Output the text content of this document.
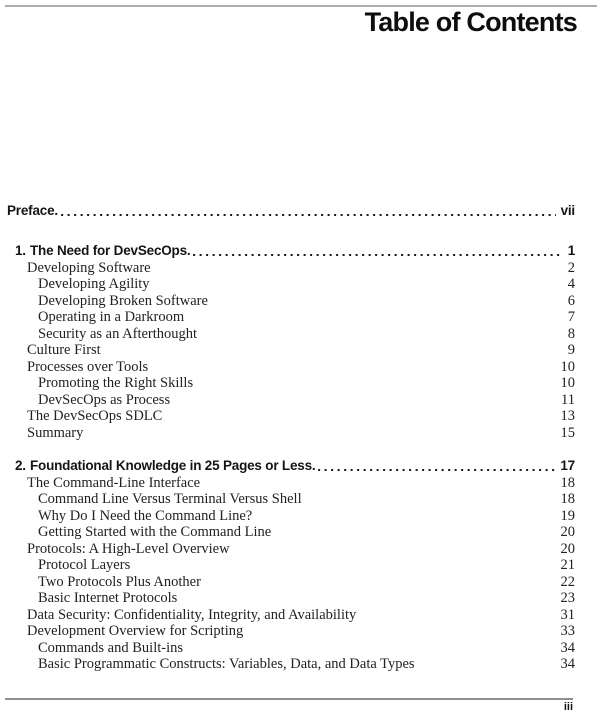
Table of Contents
Preface.	vii
1. The Need for DevSecOps.	1
Developing Software	2
Developing Agility	4
Developing Broken Software	6
Operating in a Darkroom	7
Security as an Afterthought	8
Culture First	9
Processes over Tools	10
Promoting the Right Skills	10
DevSecOps as Process	11
The DevSecOps SDLC	13
Summary	15
2. Foundational Knowledge in 25 Pages or Less.	17
The Command-Line Interface	18
Command Line Versus Terminal Versus Shell	18
Why Do I Need the Command Line?	19
Getting Started with the Command Line	20
Protocols: A High-Level Overview	20
Protocol Layers	21
Two Protocols Plus Another	22
Basic Internet Protocols	23
Data Security: Confidentiality, Integrity, and Availability	31
Development Overview for Scripting	33
Commands and Built-ins	34
Basic Programmatic Constructs: Variables, Data, and Data Types	34
iii
